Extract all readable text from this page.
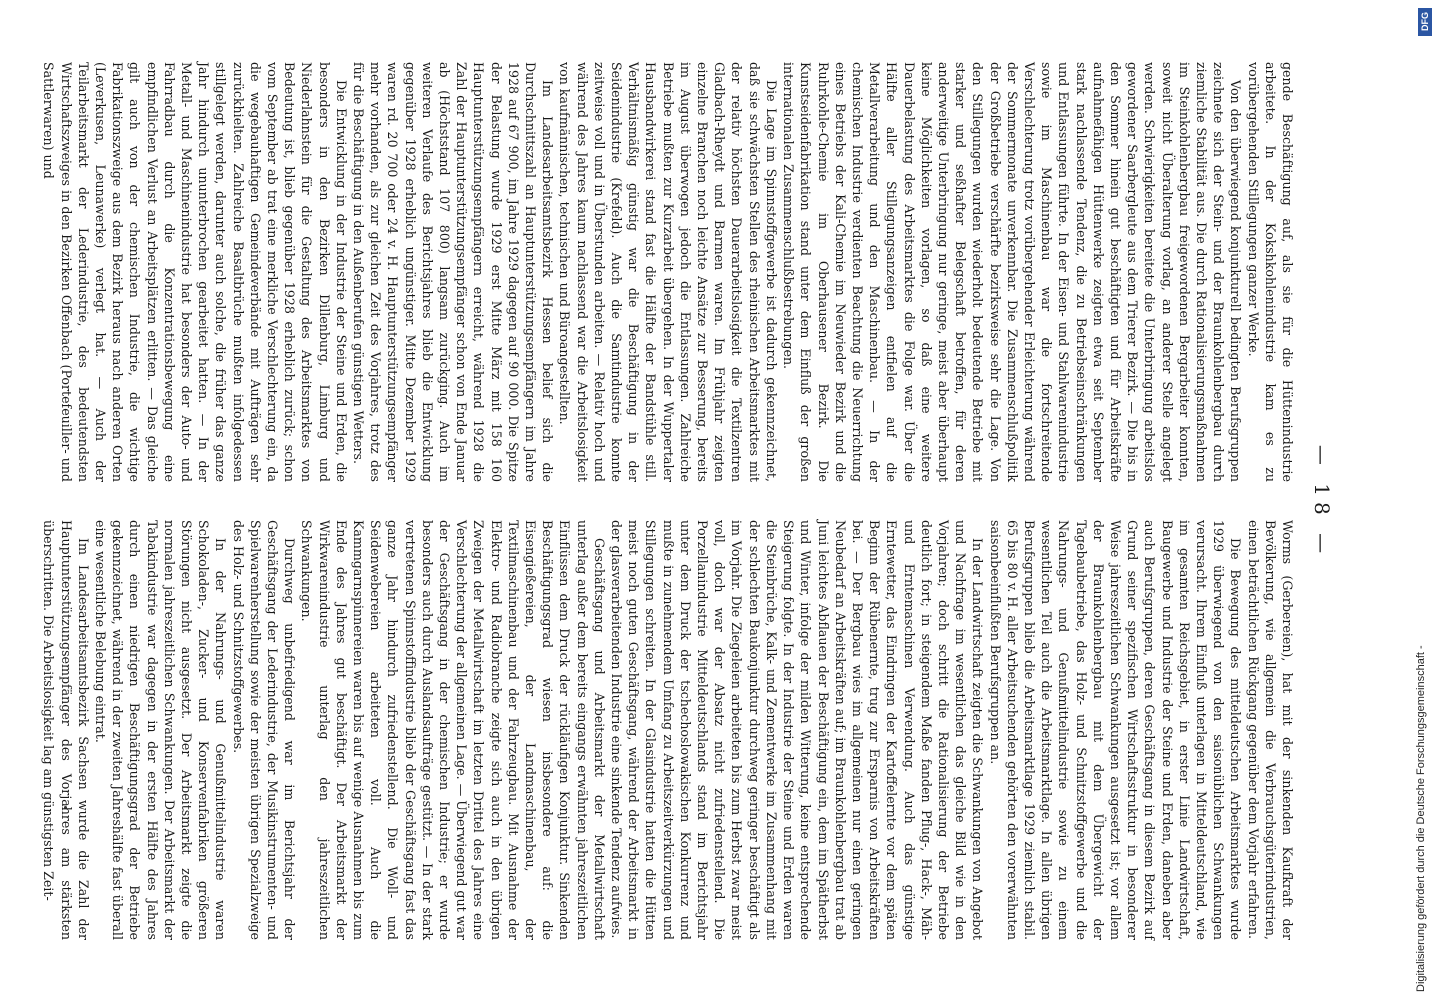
Digitalisierung gefördert durch die Deutsche Forschungsgemeinschaft -
DFG
— 18 —

gende Beschäftigung auf, als sie für die Hüttenindustrie arbeitete. In der Kokshkohlenindustrie kam es zu vorübergehenden Stillegungen ganzer Werke.

Von den überwiegend konjunkturell bedingten Berufsgruppen zeichnete sich der Stein- und der Braunkohlenbergbau durch ziemliche Stabilität aus. Die durch Rationalisierungsmaßnahmen im Steinkohlenbergbau freigewordenen Bergarbeiter konnten, soweit nicht Überalterung vorlag, an anderer Stelle angelegt werden. Schwierigkeiten bereitete die Unterbringung arbeitslos gewordener Saarbergleute aus dem Trierer Bezirk. — Die bis in den Sommer hinein gut beschäftigten und für Arbeitskräfte aufnahmefähigen Hüttenwerke zeigten etwa seit September stark nachlassende Tendenz, die zu Betriebseinschränkungen und Entlassungen führte. In der Eisen- und Stahlwarenindustrie sowie im Maschinenbau war die fortschreitende Verschlechterung trotz vorübergehender Erleichterung während der Sommermonate unverkennbar. Die Zusammenschlußpolitik der Großbetriebe verschärfte bezirksweise sehr die Lage. Von den Stillegungen wurden wiederholt bedeutende Betriebe mit starker und seßhafter Belegschaft betroffen, für deren anderweitige Unterbringung nur geringe, meist aber überhaupt keine Möglichkeiten vorlagen, so daß eine weitere Dauerbelastung des Arbeitsmarktes die Folge war. Über die Hälfte aller Stillegungsanzeigen entfielen auf die Metallverarbeitung und den Maschinenbau. — In der chemischen Industrie verdienten Beachtung die Neuerrichtung eines Betriebs der Kali-Chemie im Neuwieder Bezirk und die Ruhrkohle-Chemie im Oberhausener Bezirk. Die Kunstseidenfabrikation stand unter dem Einfluß der großen internationalen Zusammenschlußbestrebungen.

Die Lage im Spinnstoffgewerbe ist dadurch gekennzeichnet, daß sie schwächsten Stellen des rheinischen Arbeitsmarktes mit der relativ höchsten Dauerarbeitslosigkeit die Textilzentren Gladbach-Rheydt und Barmen waren. Im Frühjahr zeigten einzelne Branchen noch leichte Ansätze zur Besserung, bereits im August überwogen jedoch die Entlassungen. Zahlreiche Betriebe mußten zur Kurzarbeit übergehen. In der Wuppertaler Hausbandwirkerei stand fast die Hälfte der Bandstühle still. Verhältnismäßig günstig war die Beschäftigung in der Seidenindustrie (Krefeld). Auch die Samtindustrie konnte zeitweise voll und in Überstunden arbeiten. — Relativ hoch und während des Jahres kaum nachlassend war die Arbeitslosigkeit von kaufmännischen, technischen und Büroangestellten.

Im Landesarbeitsamtsbezirk Hessen belief sich die Durchschnittszahl an Hauptunterstützungsempfängern im Jahre 1928 auf 67 900, im Jahre 1929 dagegen auf 90 000. Die Spitze der Belastung wurde 1929 erst Mitte März mit 158 160 Hauptunterstützungsempfängern erreicht, während 1928 die Zahl der Hauptunterstützungsempfänger schon von Ende Januar ab (Höchststand 107 800) langsam zurückging. Auch im weiteren Verlaufe des Berichtsjahres blieb die Entwicklung gegenüber 1928 erheblich ungünstiger. Mitte Dezember 1929 waren rd. 20 700 oder 24 v. H. Hauptunterstützungsempfänger mehr vorhanden, als zur gleichen Zeit des Vorjahres, trotz des für die Beschäftigung in den Außenberufen günstigen Wetters.

Die Entwicklung in der Industrie der Steine und Erden, die besonders in den Bezirken Dillenburg, Limburg und Niederlahnstein für die Gestaltung des Arbeitsmarktes von Bedeutung ist, blieb gegenüber 1928 erheblich zurück; schon vom September ab trat eine merkliche Verschlechterung ein, da die wegebauhaftigen Gemeindeverbände mit Aufträgen sehr zurückhielten. Zahlreiche Basaltbrüche mußten infolgedessen stillgelegt werden, darunter auch solche, die früher das ganze Jahr hindurch ununterbrochen gearbeitet hatten. — In der Metall- und Maschinenindustrie hat besonders der Auto- und Fahrradbau durch die Konzentrationsbewegung eine empfindlichen Verlust an Arbeitsplätzen erlitten. — Das gleiche gilt auch von der chemischen Industrie, die wichtige Fabrikationszweige aus dem Bezirk heraus nach anderen Orten (Leverkusen, Leunawerke) verlegt hat. — Auch der Teilarbeitsmarkt der Lederindustrie, des bedeutendsten Wirtschaftszweiges in den Bezirken Offenbach (Portefeuiller- und Sattlerwaren) und

Worms (Gerbereien), hat mit der sinkenden Kaufkraft der Bevölkerung, wie allgemein die Verbrauchsgüterindustrien, einen beträchtlichen Rückgang gegenüber dem Vorjahr erfahren.

Die Bewegung des mitteldeutschen Arbeitsmarktes wurde 1929 überwiegend von den saisonüblichen Schwankungen verursacht. Ihrem Einfluß unterlagen in Mitteldeutschland, wie im gesamten Reichsgebiet, in erster Linie Landwirtschaft, Baugewerbe und Industrie der Steine und Erden, daneben aber auch Berufsgruppen, deren Geschäftsgang in diesem Bezirk auf Grund seiner spezifischen Wirtschaftsstruktur in besonderer Weise jahreszeitlichen Schwankungen ausgesetzt ist; vor allem der Braunkohlenbergbau mit dem Übergewicht der Tagebaubetriebe, das Holz- und Schnitzstoffgewerbe und die Nahrungs- und Genußmittelindustrie sowie zu einem wesentlichen Teil auch die Arbeitsmarktlage. In allen übrigen Berufsgruppen blieb die Arbeitsmarktlage 1929 ziemlich stabil. 65 bis 80 v. H. aller Arbeitsuchenden gehörten den vorerwähnten saisonbeeinflußten Berufsgruppen an.

In der Landwirtschaft zeigten die Schwankungen von Angebot und Nachfrage im wesentlichen das gleiche Bild wie in den Vorjahren; doch schritt die Rationalisierung der Betriebe deutlich fort; in steigendem Maße fanden Pflug-, Hack-, Mäh- und Erntemaschinen Verwendung. Auch das günstige Erntewetter, das Eindringen der Kartoffelernte vor dem späten Beginn der Rübenernte, trug zur Ersparnis von Arbeitskräften bei. — Der Bergbau wies im allgemeinen nur einen geringen Neubedarf an Arbeitskräften auf; im Braunkohlenbergbau trat ab Juni leichtes Abflauen der Beschäftigung ein, dem im Spätherbst und Winter, infolge der milden Witterung, keine entsprechende Steigerung folgte. In der Industrie der Steine und Erden waren die Steinbrüche, Kalk- und Zementwerke im Zusammenhang mit der schlechten Baukonjunktur durchweg geringer beschäftigt als im Vorjahr. Die Ziegeleien arbeiteten bis zum Herbst zwar meist voll, doch war der Absatz nicht zufriedenstellend. Die Porzellanindustrie Mitteldeutschlands stand im Berichtsjahr unter dem Druck der tschechoslowakischen Konkurrenz und mußte in zunehmendem Umfang zu Arbeitszeitverkürzungen und Stillegungen schreiten. In der Glasindustrie hatten die Hütten meist noch guten Geschäftsgang, während der Arbeitsmarkt in der glasverarbeitenden Industrie eine sinkende Tendenz aufwies.

Geschäftsgang und Arbeitsmarkt der Metallwirtschaft unterlag außer dem bereits eingangs erwähnten jahreszeitlichen Einflüssen dem Druck der rückläufigen Konjunktur. Sinkenden Beschäftigungsgrad wiesen insbesondere auf: die Eisengießereien, der Landmaschinenbau, der Textilmaschinenbau und der Fahrzeugbau. Mit Ausnahme der Elektro- und Radiobranche zeigte sich auch in den übrigen Zweigen der Metallwirtschaft im letzten Drittel des Jahres eine Verschlechterung der allgemeinen Lage. — Überwiegend gut war der Geschäftsgang in der chemischen Industrie; er wurde besonders auch durch Auslandsaufträge gestützt. — In der stark vertretenen Spinnstoffindustrie blieb der Geschäftsgang fast das ganze Jahr hindurch zufriedenstellend. Die Woll- und Seidenwebereien arbeiteten voll. Auch die Kammgarnspinnereien waren bis auf wenige Ausnahmen bis zum Ende des Jahres gut beschäftigt. Der Arbeitsmarkt der Wirkwarenindustrie unterlag den jahreszeitlichen Schwankungen.

Durchweg unbefriedigend war im Berichtsjahr der Geschäftsgang der Lederindustrie, der Musikinstrumenten- und Spielwarenherstellung sowie der meisten übrigen Spezialzweige des Holz- und Schnitzstoffgewerbes.

In der Nahrungs- und Genußmittelindustrie waren Schokoladen-, Zucker- und Konservenfabriken größeren Störungen nicht ausgesetzt. Der Arbeitsmarkt zeigte die normalen jahreszeitlichen Schwankungen. Der Arbeitsmarkt der Tabakindustrie war dagegen in der ersten Hälfte des Jahres durch einen niedrigen Beschäftigungsgrad der Betriebe gekennzeichnet, während in der zweiten Jahreshälfte fast überall eine wesentliche Belebung eintrat.

Im Landesarbeitsamtsbezirk Sachsen wurde die Zahl der Hauptunterstützungsempfänger des Vorjahres am stärksten überschritten. Die Arbeitslosigkeit lag am günstigsten Zeit-
